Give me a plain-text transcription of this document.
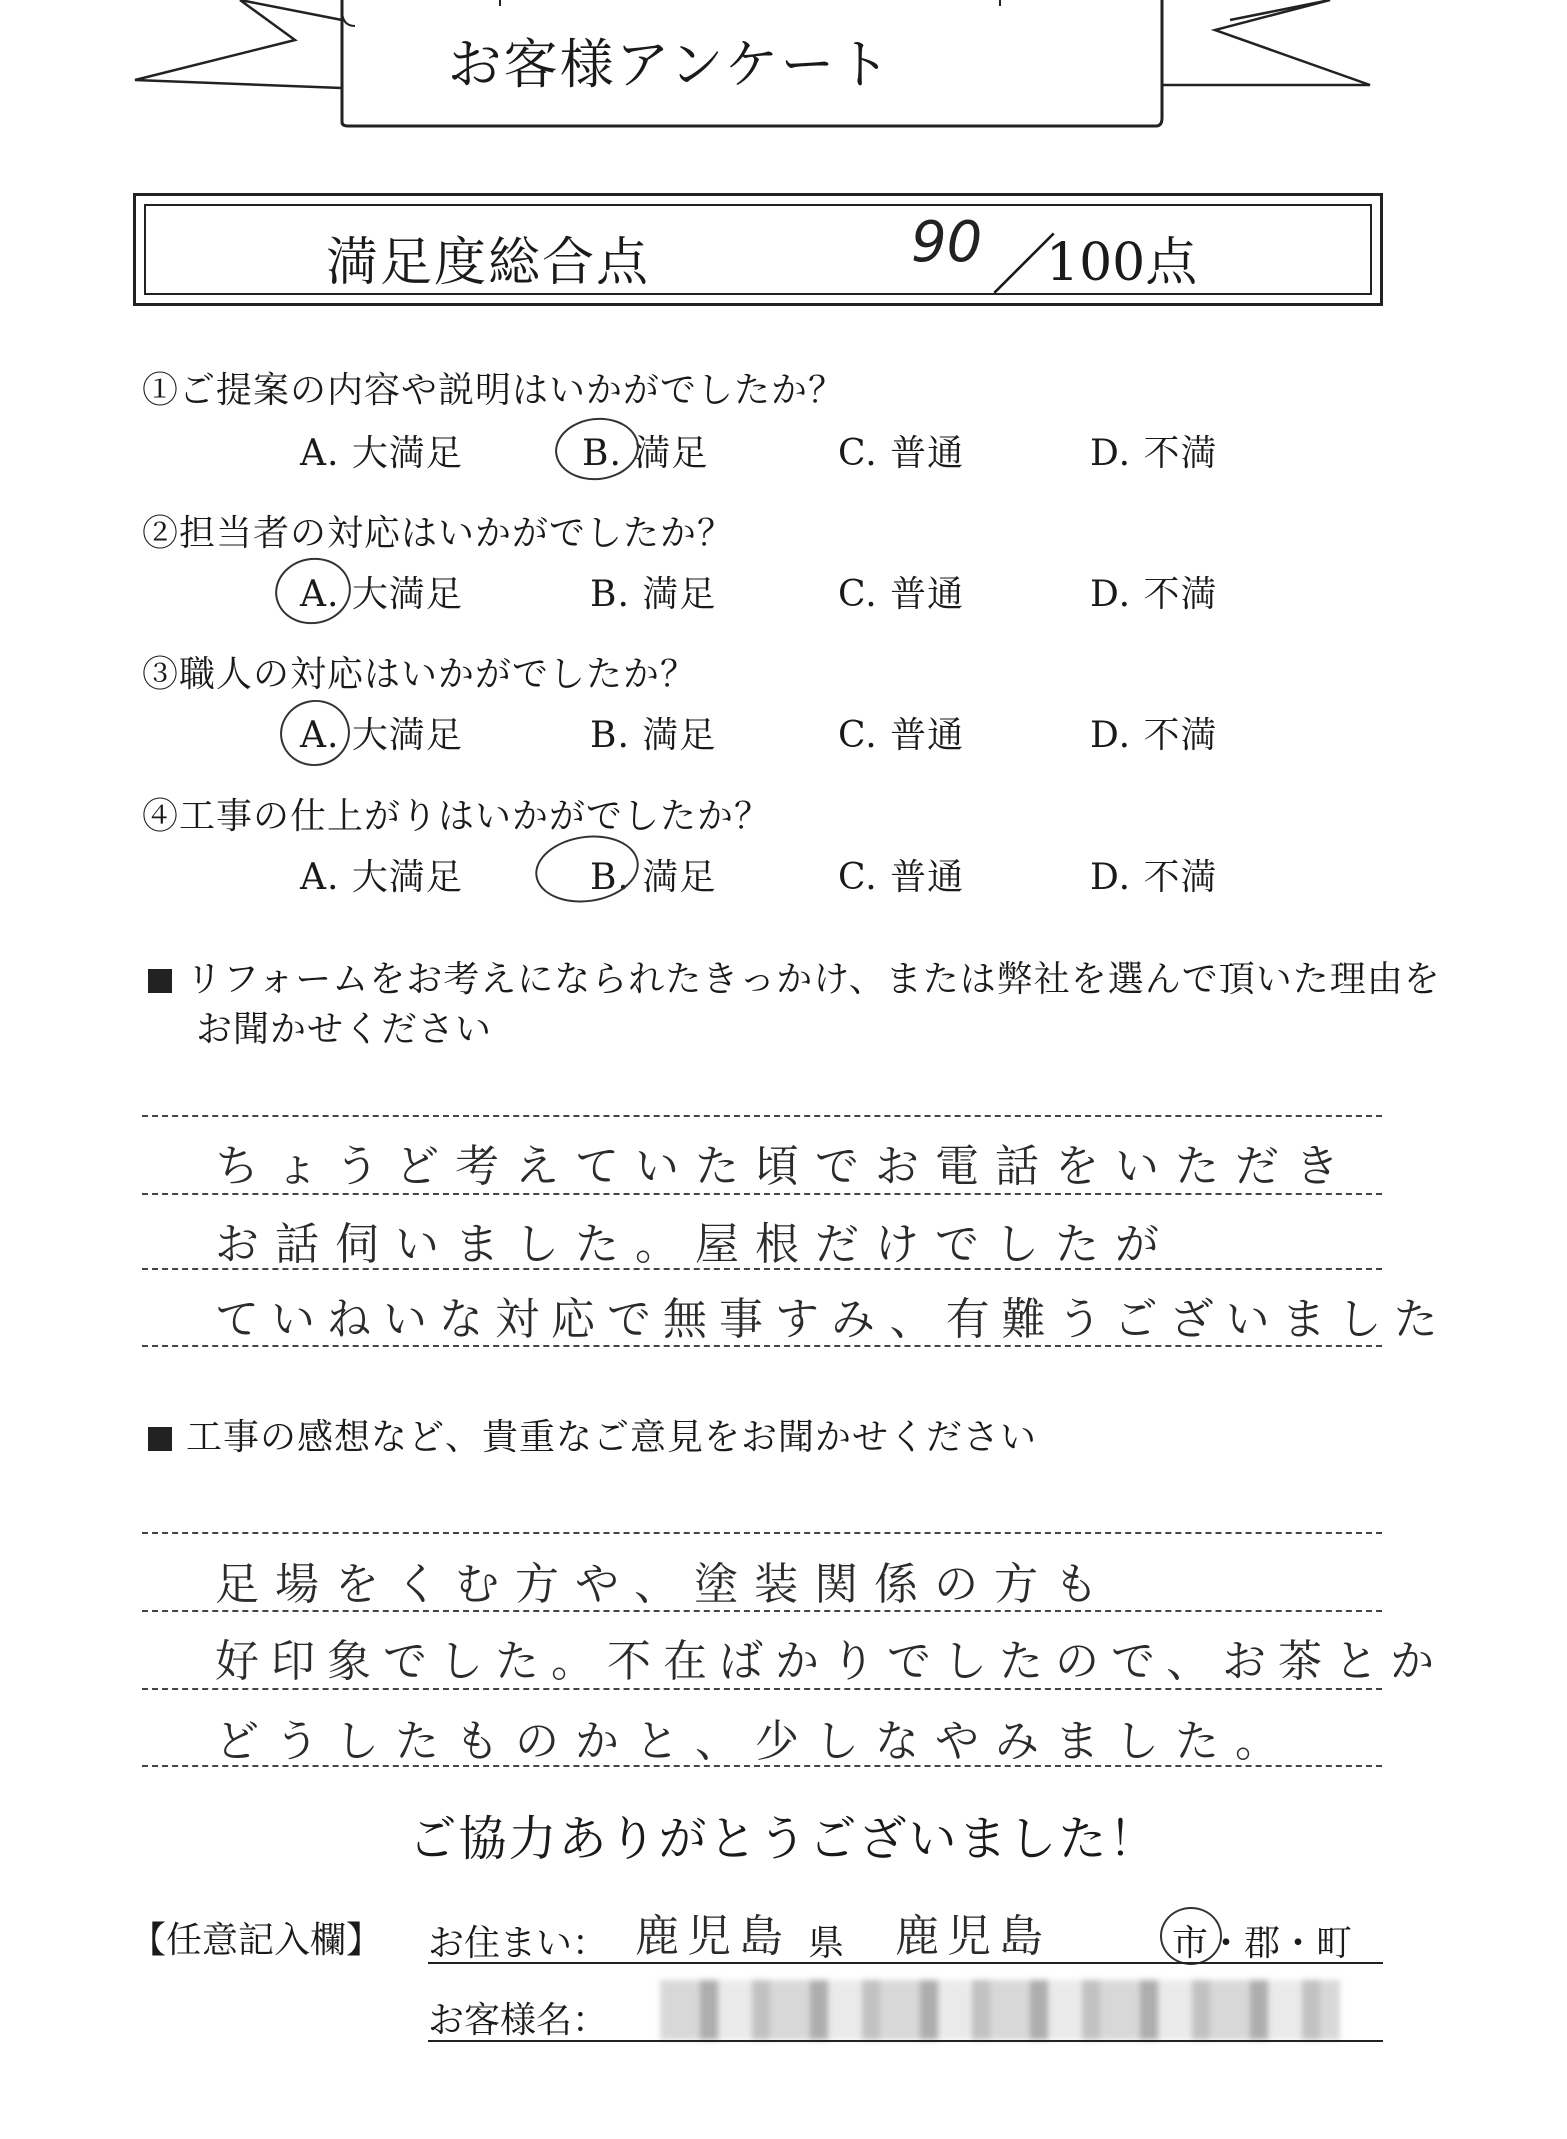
お客様アンケート
満足度総合点	90 ／
100点
①ご提案の内容や説明はいかがでしたか？
A. 大満足	B. 満足	C. 普通	D. 不満
②担当者の対応はいかがでしたか？
A. 大満足	B. 満足	C. 普通	D. 不満
③職人の対応はいかがでしたか？
A. 大満足	B. 満足	C. 普通	D. 不満
④工事の仕上がりはいかがでしたか？
A. 大満足	B. 満足	C. 普通	D. 不満
リフォームをお考えになられたきっかけ、または弊社を選んで頂いた理由を
お聞かせください
ちょうど考えていた頃でお電話をいただき
お話伺いました。屋根だけでしたが
ていねいな対応で無事すみ、有難うございました
工事の感想など、貴重なご意見をお聞かせください
足場をくむ方や、塗装関係の方も
好印象でした。不在ばかりでしたので、お茶とか
どうしたものかと、少しなやみました。
ご協力ありがとうございました！
【任意記入欄】 お住まい： 鹿児島 県 鹿児島	市・郡・町
お客様名：
